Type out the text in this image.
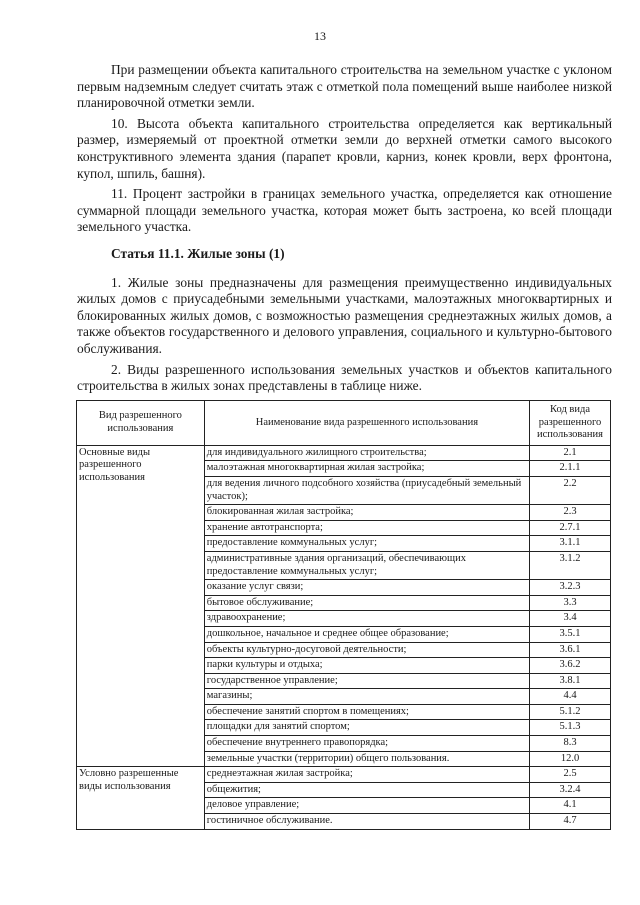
13

При размещении объекта капитального строительства на земельном участке с уклоном первым надземным следует считать этаж с отметкой пола помещений выше наиболее низкой планировочной отметки земли.

10. Высота объекта капитального строительства определяется как вертикальный размер, измеряемый от проектной отметки земли до верхней отметки самого высокого конструктивного элемента здания (парапет кровли, карниз, конек кровли, верх фронтона, купол, шпиль, башня).

11. Процент застройки в границах земельного участка, определяется как отношение суммарной площади земельного участка, которая может быть застроена, ко всей площади земельного участка.

Статья 11.1. Жилые зоны (1)

1. Жилые зоны предназначены для размещения преимущественно индивидуальных жилых домов с приусадебными земельными участками, малоэтажных многоквартирных и блокированных жилых домов, с возможностью размещения среднеэтажных жилых домов, а также объектов государственного и делового управления, социального и культурно-бытового обслуживания.

2. Виды разрешенного использования земельных участков и объектов капитального строительства в жилых зонах представлены в таблице ниже.

Вид разрешенного использования	Наименование вида разрешенного использования	Код вида разрешенного использования
Основные виды разрешенного использования	для индивидуального жилищного строительства;	2.1
	малоэтажная многоквартирная жилая застройка;	2.1.1
	для ведения личного подсобного хозяйства (приусадебный земельный участок);	2.2
	блокированная жилая застройка;	2.3
	хранение автотранспорта;	2.7.1
	предоставление коммунальных услуг;	3.1.1
	административные здания организаций, обеспечивающих предоставление коммунальных услуг;	3.1.2
	оказание услуг связи;	3.2.3
	бытовое обслуживание;	3.3
	здравоохранение;	3.4
	дошкольное, начальное и среднее общее образование;	3.5.1
	объекты культурно-досуговой деятельности;	3.6.1
	парки культуры и отдыха;	3.6.2
	государственное управление;	3.8.1
	магазины;	4.4
	обеспечение занятий спортом в помещениях;	5.1.2
	площадки для занятий спортом;	5.1.3
	обеспечение внутреннего правопорядка;	8.3
	земельные участки (территории) общего пользования.	12.0
Условно разрешенные виды использования	среднеэтажная жилая застройка;	2.5
	общежития;	3.2.4
	деловое управление;	4.1
	гостиничное обслуживание.	4.7
